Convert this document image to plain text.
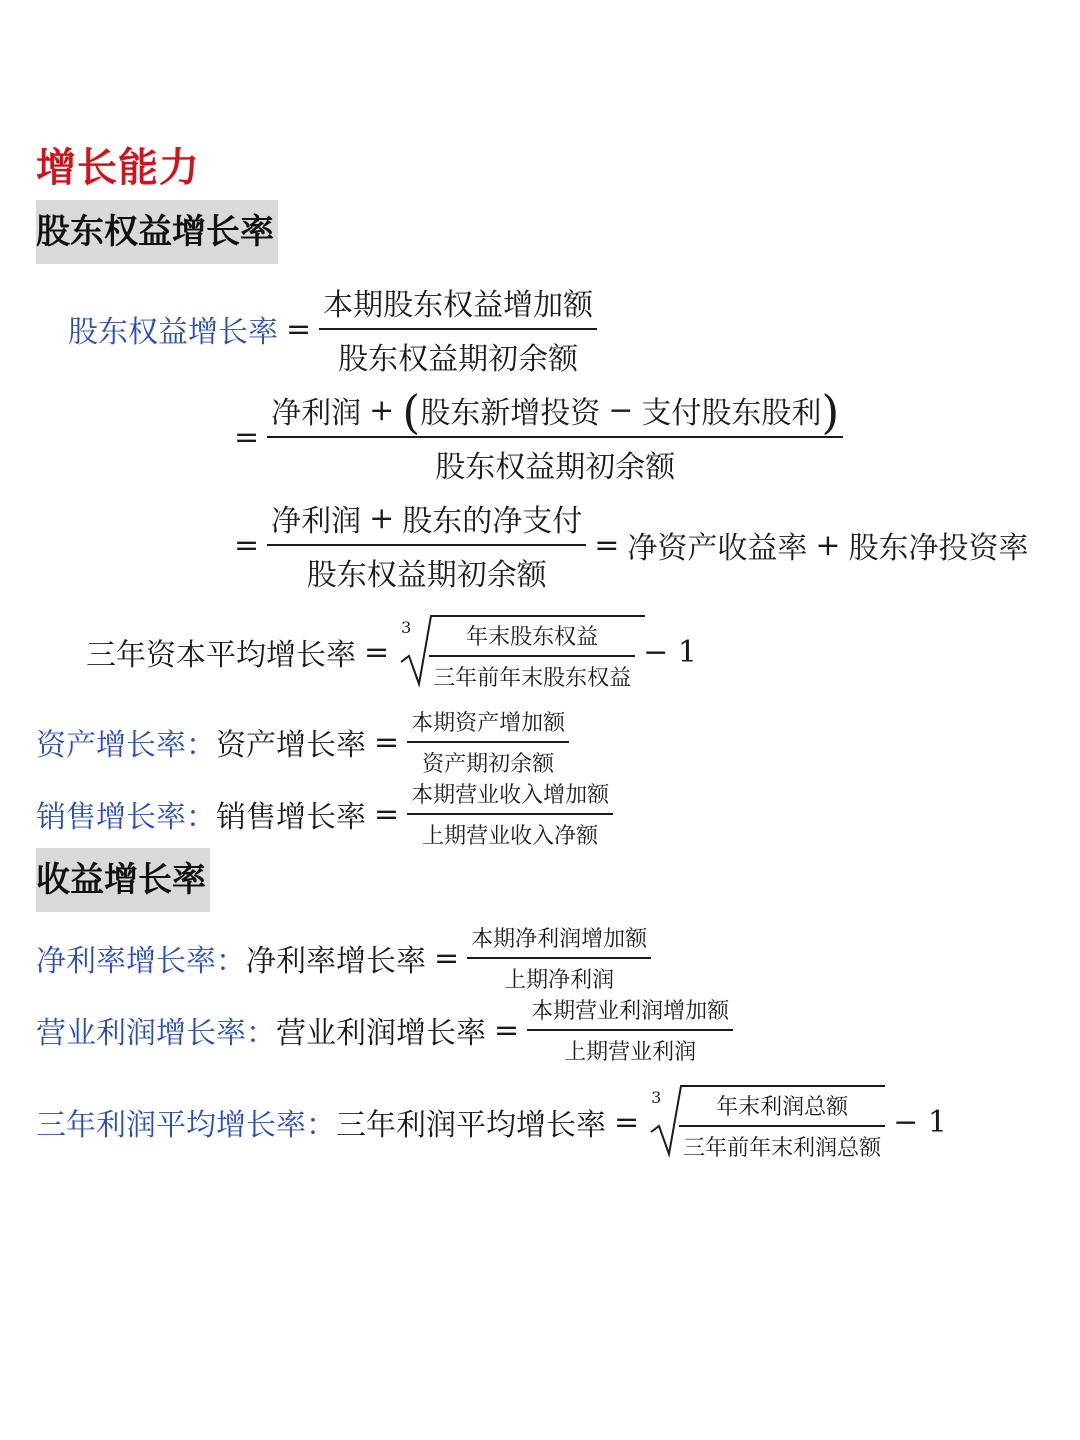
增长能力
股东权益增长率
股东权益增长率 = $\frac{\text{本期股东权益增加额}}{\text{股东权益期初余额}}$
=
净利润 + ( 股东新增投资 − 支付股东股利 )
股东权益期初余额
= $\frac{\text{净利润 + 股东的净支付}}{\text{股东权益期初余额}}$ = 净资产收益率 + 股东净投资率
三年资本平均增长率 =
$3 \frac{\text{年末股东权益}}{\text{三年前年末股东权益}} - 1$
资产增长率： 资产增长率 = $\frac{\text{本期资产增加额}}{\text{资产期初余额}}$
销售增长率： 销售增长率 = $\frac{\text{本期营业收入增加额}}{\text{上期营业收入净额}}$
收益增长率
净利率增长率： 净利率增长率 = $\frac{\text{本期净利润增加额}}{\text{上期净利润}}$
营业利润增长率： 营业利润增长率 = $\frac{\text{本期营业利润增加额}}{\text{上期营业利润}}$
三年利润平均增长率： 三年利润平均增长率 =
$3 \frac{\text{年末利润总额}}{\text{三年前年末利润总额}} - 1$
